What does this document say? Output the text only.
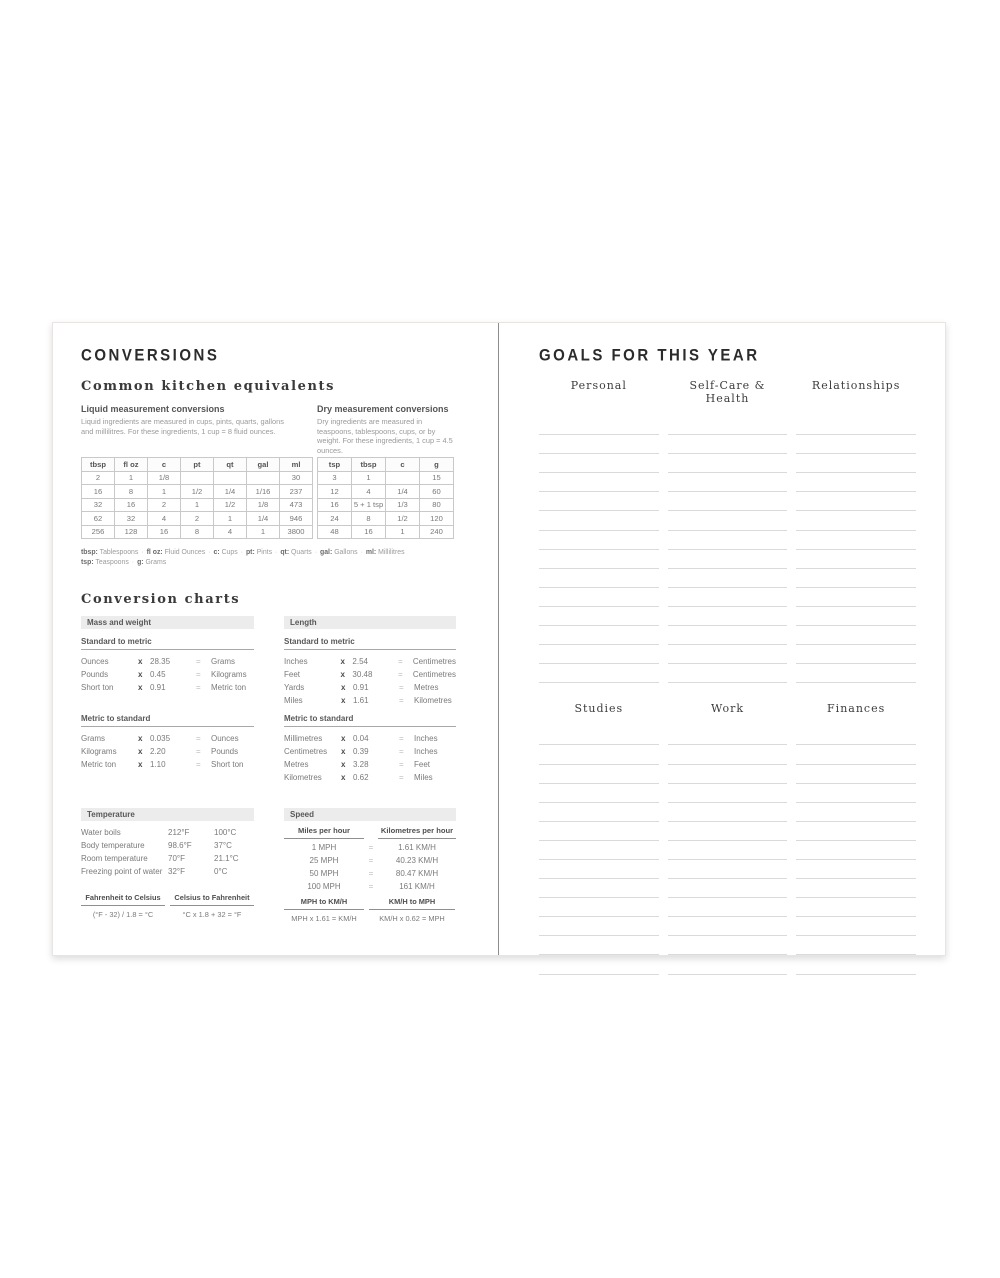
CONVERSIONS
Common kitchen equivalents

Liquid measurement conversions

Liquid ingredients are measured in cups, pints, quarts, gallons and millilitres. For these ingredients, 1 cup = 8 fluid ounces.

tbsp	fl oz	c	pt	qt	gal	ml
2	1	1/8				30
16	8	1	1/2	1/4	1/16	237
32	16	2	1	1/2	1/8	473
62	32	4	2	1	1/4	946
256	128	16	8	4	1	3800

Dry measurement conversions

Dry ingredients are measured in teaspoons, tablespoons, cups, or by weight. For these ingredients, 1 cup = 4.5 ounces.

tsp	tbsp	c	g
3	1		15
12	4	1/4	60
16	5 + 1 tsp	1/3	80
24	8	1/2	120
48	16	1	240
tbsp: Tablespoons · fl oz: Fluid Ounces · c: Cups · pt: Pints · qt: Quarts · gal: Gallons · ml: Millilitres
tsp: Teaspoons · g: Grams
Conversion charts
Mass and weight
Standard to metric
Ounces	x 28.35	=	Grams
Pounds	x 0.45	=	Kilograms
Short ton	x 0.91	=	Metric ton
Metric to standard
Grams	x 0.035	=	Ounces
Kilograms	x 2.20	=	Pounds
Metric ton	x 1.10	=	Short ton
Temperature
Water boils	212°F	100°C
Body temperature	98.6°F	37°C
Room temperature	70°F	21.1°C
Freezing point of water 32°F	0°C
Fahrenheit to Celsius
(°F - 32) / 1.8 = °C
Celsius to Fahrenheit
°C x 1.8 + 32 = °F
Length
Standard to metric
Inches	x 2.54	=	Centimetres
Feet	x 30.48	=	Centimetres
Yards	x 0.91	=	Metres
Miles	x 1.61	=	Kilometres
Metric to standard
Millimetres	x 0.04	=	Inches
Centimetres	x 0.39	=	Inches
Metres	x 3.28	=	Feet
Kilometres	x 0.62	=	Miles
Speed
Miles per hour	Kilometres per hour
1 MPH	=	1.61 KM/H
25 MPH	=	40.23 KM/H
50 MPH	=	80.47 KM/H
100 MPH	=	161 KM/H
MPH to KM/H
MPH x 1.61 = KM/H
KM/H to MPH
KM/H x 0.62 = MPH
GOALS FOR THIS YEAR
Personal	Self-Care & Health
Relationships
Studies	Work	Finances
